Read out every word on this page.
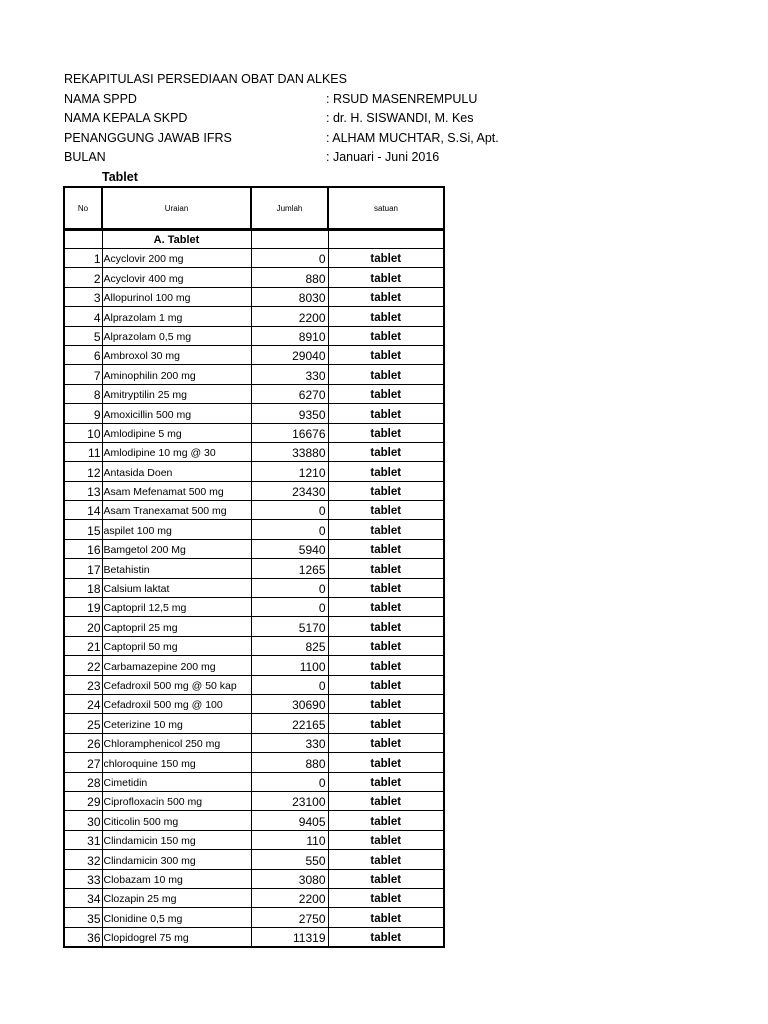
REKAPITULASI PERSEDIAAN OBAT DAN ALKES
NAMA SPPD	: RSUD MASENREMPULU
NAMA KEPALA SKPD	: dr. H. SISWANDI, M. Kes
PENANGGUNG JAWAB IFRS	: ALHAM MUCHTAR, S.Si, Apt.
BULAN	: Januari - Juni 2016
Tablet
No	Uraian	Jumlah	satuan
	A. Tablet		
1	Acyclovir 200 mg	0	tablet
2	Acyclovir 400 mg	880	tablet
3	Allopurinol 100 mg	8030	tablet
4	Alprazolam 1 mg	2200	tablet
5	Alprazolam 0,5 mg	8910	tablet
6	Ambroxol 30 mg	29040	tablet
7	Aminophilin 200 mg	330	tablet
8	Amitryptilin 25 mg	6270	tablet
9	Amoxicillin 500 mg	9350	tablet
10	Amlodipine 5 mg	16676	tablet
11	Amlodipine 10 mg @ 30	33880	tablet
12	Antasida Doen	1210	tablet
13	Asam Mefenamat 500 mg	23430	tablet
14	Asam Tranexamat 500 mg	0	tablet
15	aspilet 100 mg	0	tablet
16	Bamgetol 200 Mg	5940	tablet
17	Betahistin	1265	tablet
18	Calsium laktat	0	tablet
19	Captopril 12,5 mg	0	tablet
20	Captopril 25 mg	5170	tablet
21	Captopril 50 mg	825	tablet
22	Carbamazepine 200 mg	1100	tablet
23	Cefadroxil 500 mg @ 50 kap	0	tablet
24	Cefadroxil 500 mg @ 100	30690	tablet
25	Ceterizine 10 mg	22165	tablet
26	Chloramphenicol 250 mg	330	tablet
27	chloroquine 150 mg	880	tablet
28	Cimetidin	0	tablet
29	Ciprofloxacin 500 mg	23100	tablet
30	Citicolin 500 mg	9405	tablet
31	Clindamicin 150 mg	110	tablet
32	Clindamicin 300 mg	550	tablet
33	Clobazam 10 mg	3080	tablet
34	Clozapin 25 mg	2200	tablet
35	Clonidine 0,5 mg	2750	tablet
36	Clopidogrel 75 mg	11319	tablet
